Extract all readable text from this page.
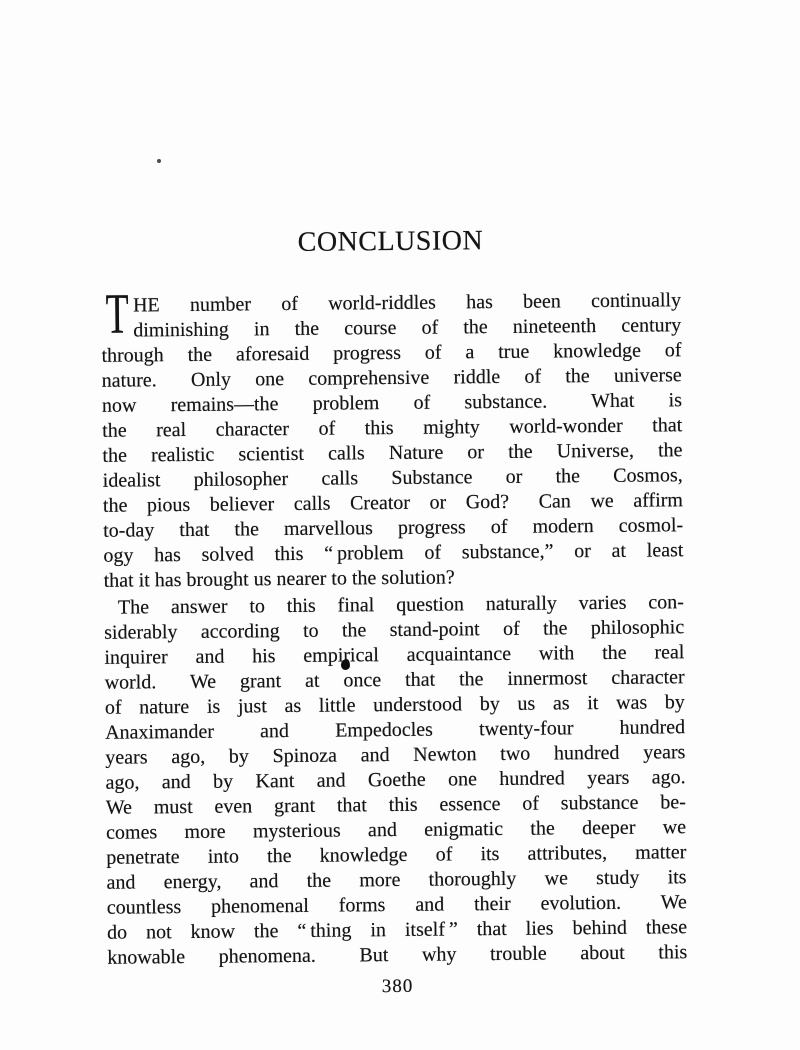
CONCLUSION
T HE number of world-riddles has been continually
diminishing in the course of the nineteenth century
through the aforesaid progress of a true knowledge of
nature.  Only one comprehensive riddle of the universe
now remains—the problem of substance.  What is
the real character of this mighty world-wonder that
the realistic scientist calls Nature or the Universe, the
idealist philosopher calls Substance or the Cosmos,
the pious believer calls Creator or God?  Can we affirm
to-day that the marvellous progress of modern cosmol-
ogy has solved this “ problem of substance,” or at least
that it has brought us nearer to the solution?
The answer to this final question naturally varies con-
siderably according to the stand-point of the philosophic
inquirer and his empirical acquaintance with the real
world.  We grant at once that the innermost character
of nature is just as little understood by us as it was by
Anaximander and Empedocles twenty-four hundred
years ago, by Spinoza and Newton two hundred years
ago, and by Kant and Goethe one hundred years ago.
We must even grant that this essence of substance be-
comes more mysterious and enigmatic the deeper we
penetrate into the knowledge of its attributes, matter
and energy, and the more thoroughly we study its
countless phenomenal forms and their evolution.  We
do not know the “ thing in itself ” that lies behind these
knowable phenomena.  But why trouble about this
380
